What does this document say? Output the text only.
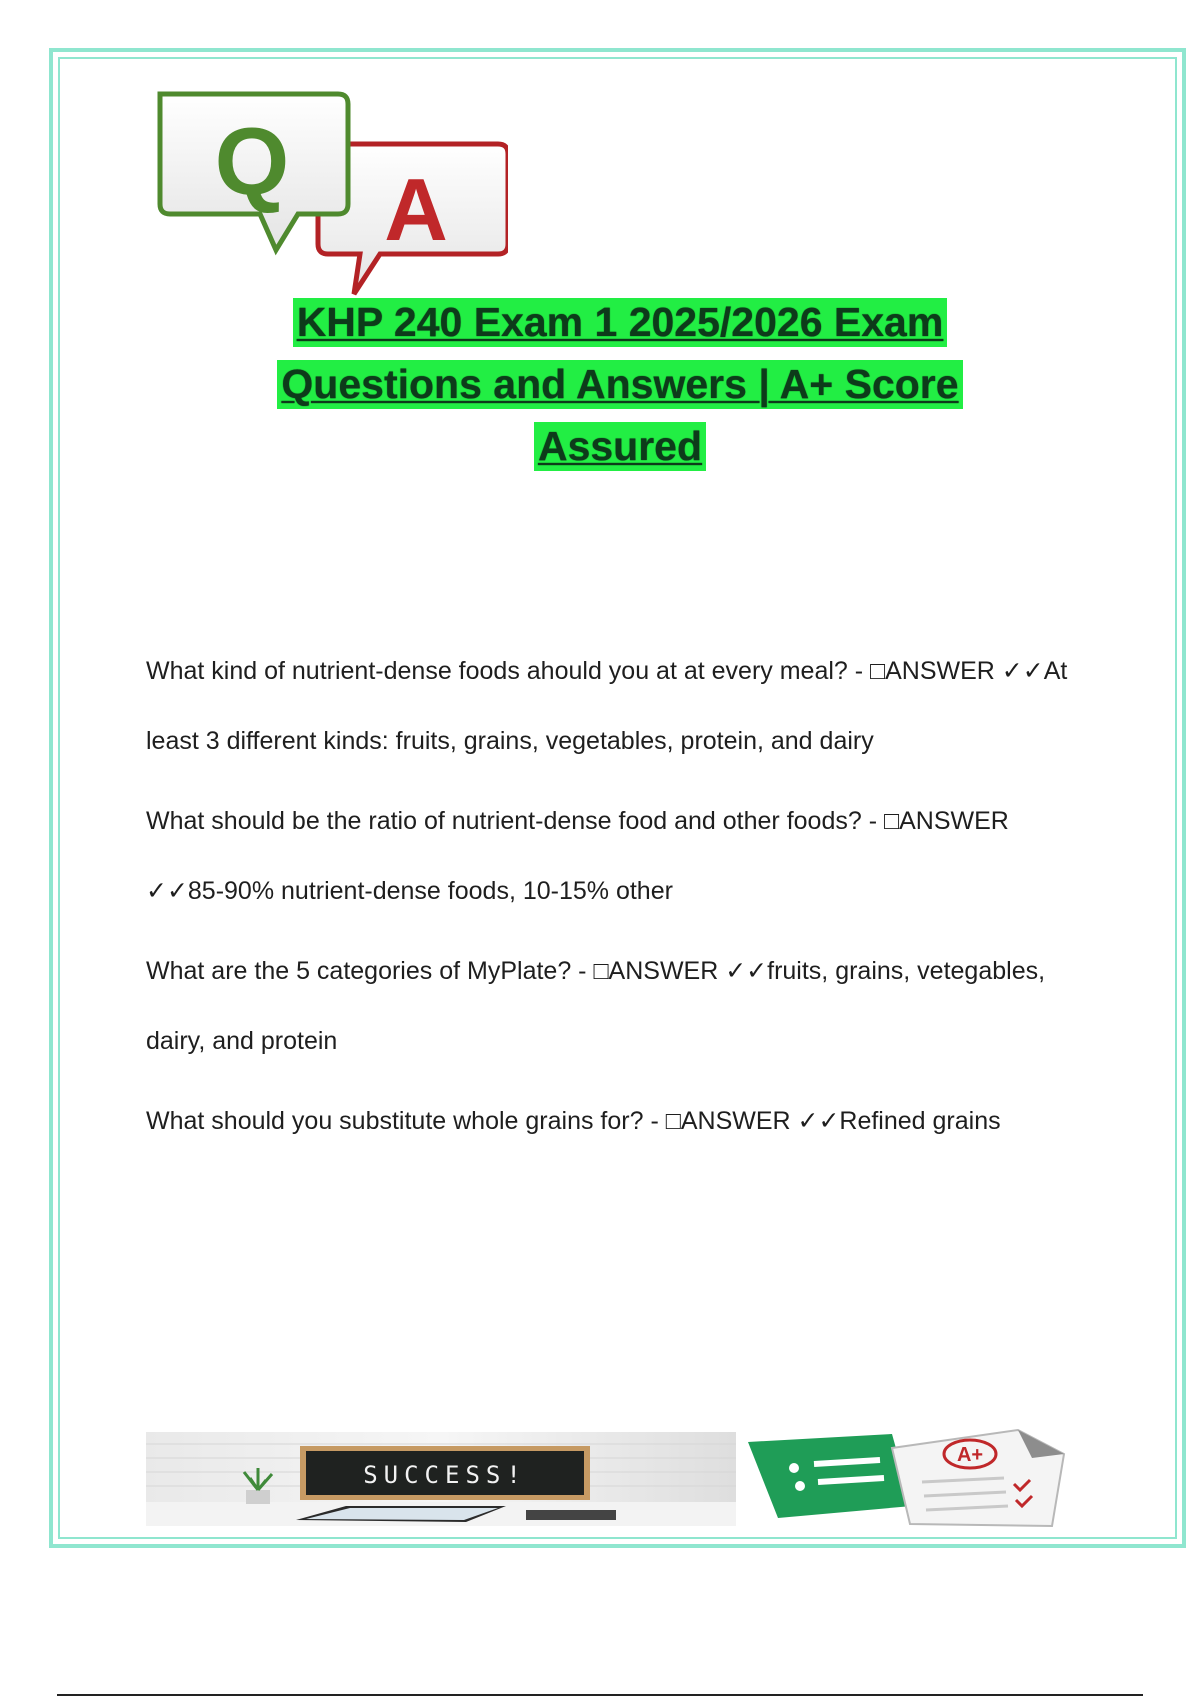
A
Q
KHP 240 Exam 1 2025/2026 Exam
Questions and Answers | A+ Score
Assured
What kind of nutrient-dense foods ahould you at at every meal? - □ANSWER ✓✓At least 3 different kinds: fruits, grains, vegetables, protein, and dairy
What should be the ratio of nutrient-dense food and other foods? - □ANSWER ✓✓85-90% nutrient-dense foods, 10-15% other
What are the 5 categories of MyPlate? - □ANSWER ✓✓fruits, grains, vetegables, dairy, and protein
What should you substitute whole grains for? - □ANSWER ✓✓Refined grains
SUCCESS!
A+
